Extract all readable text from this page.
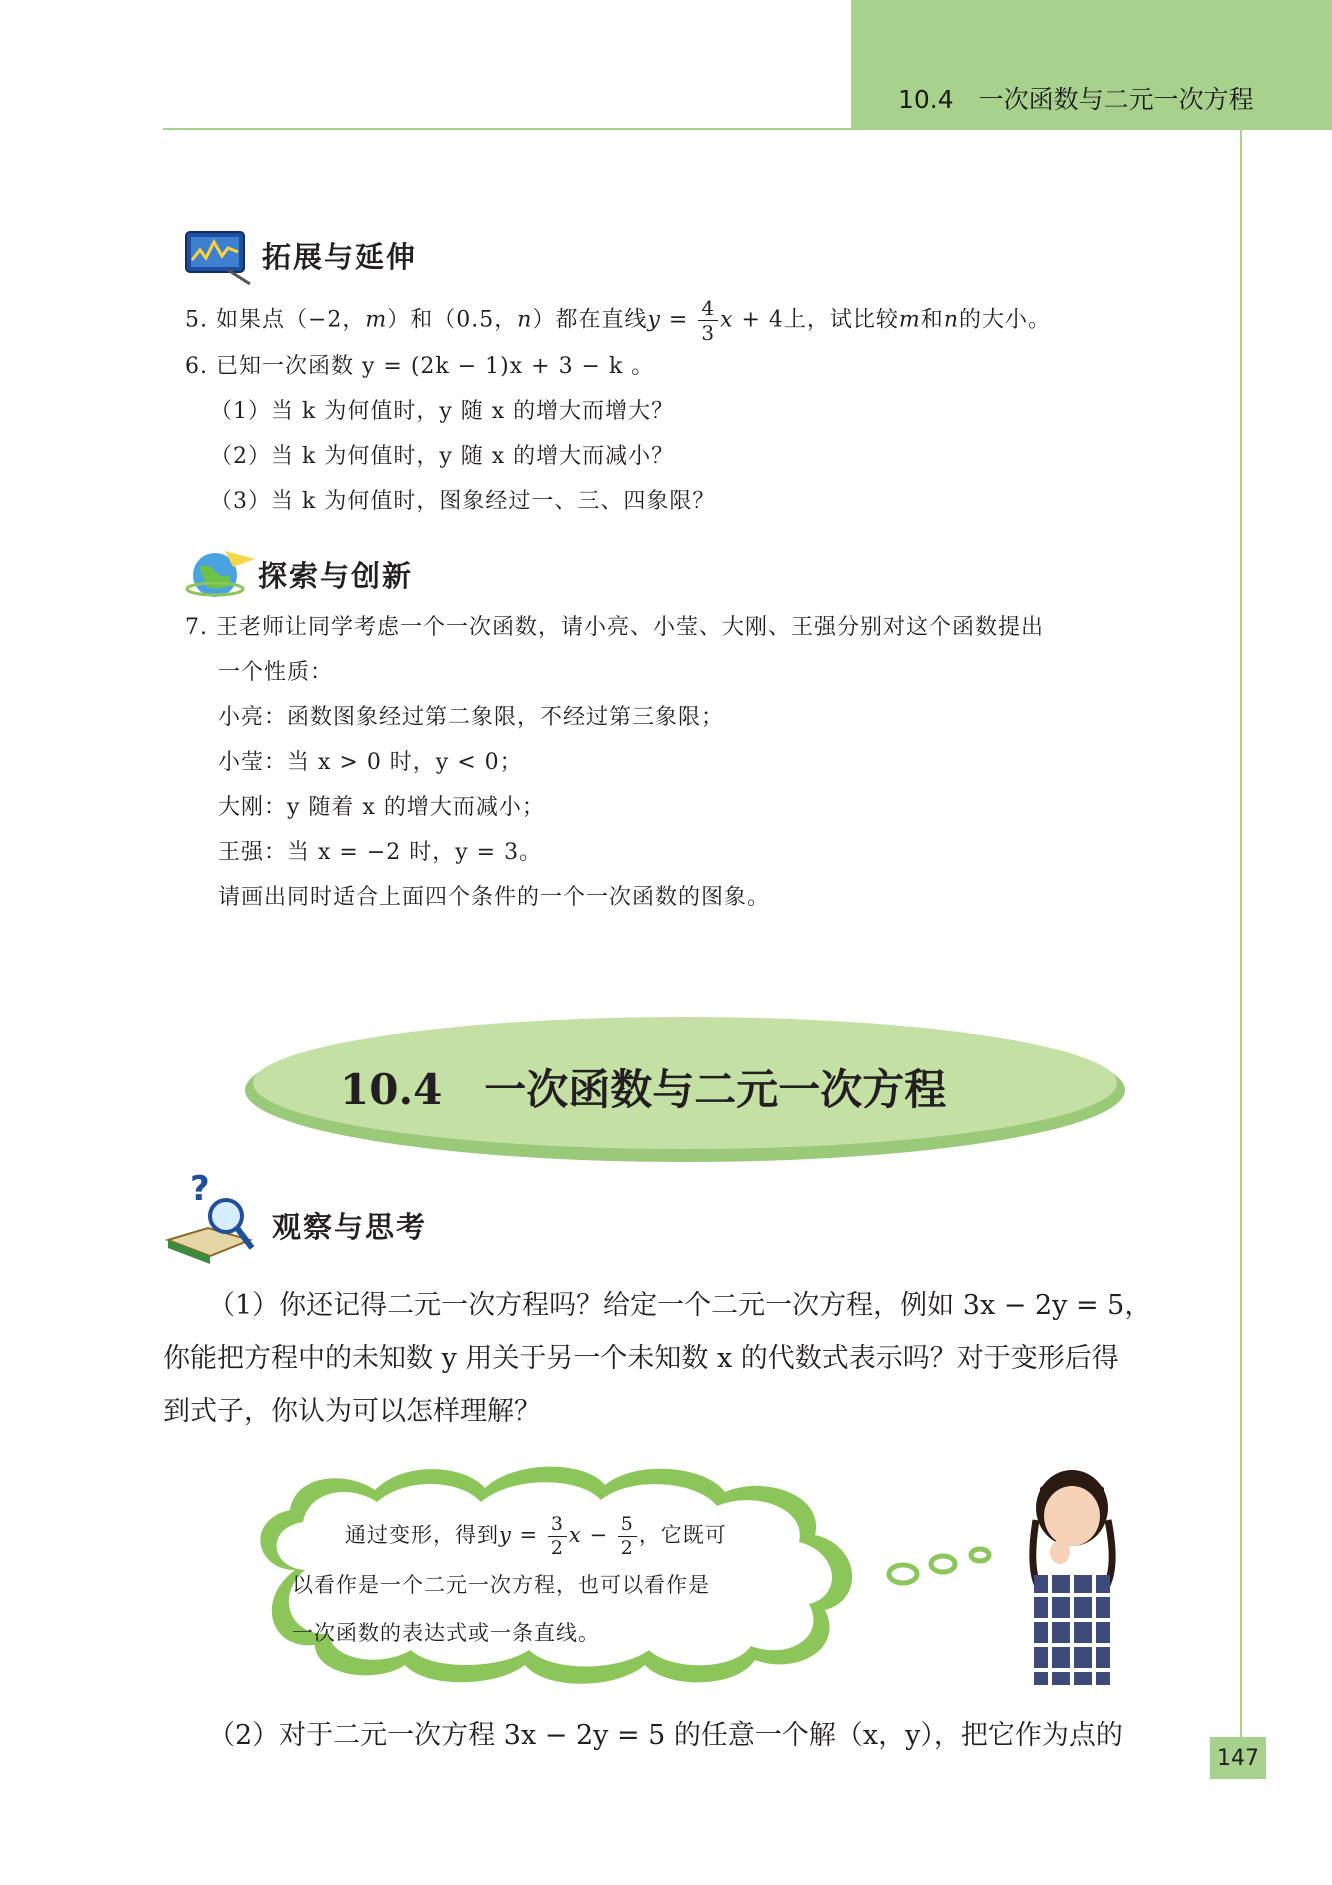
10.4　一次函数与二元一次方程
拓展与延伸
5. 如果点（−2，m）和（0.5，n）都在直线$y = \frac{4}{3}$ x + 4上，试比较m和n的大小。
6. 已知一次函数 y = (2k − 1)x + 3 − k 。
（1）当 k 为何值时，y 随 x 的增大而增大？
（2）当 k 为何值时，y 随 x 的增大而减小？
（3）当 k 为何值时，图象经过一、三、四象限？
探索与创新
7. 王老师让同学考虑一个一次函数，请小亮、小莹、大刚、王强分别对这个函数提出
一个性质：
小亮：函数图象经过第二象限，不经过第三象限；
小莹：当 x > 0 时，y < 0；
大刚：y 随着 x 的增大而减小；
王强：当 x = −2 时，y = 3。
请画出同时适合上面四个条件的一个一次函数的图象。
10.4　一次函数与二元一次方程
?
观察与思考
（1）你还记得二元一次方程吗？给定一个二元一次方程，例如 3x − 2y = 5，
你能把方程中的未知数 y 用关于另一个未知数 x 的代数式表示吗？对于变形后得
到式子，你认为可以怎样理解？
通过变形，得到$y = \frac{3}{2}$ $x - \frac{5}{2}$ ，它既可
以看作是一个二元一次方程，也可以看作是
一次函数的表达式或一条直线。
（2）对于二元一次方程 3x − 2y = 5 的任意一个解（x，y），把它作为点的
147
